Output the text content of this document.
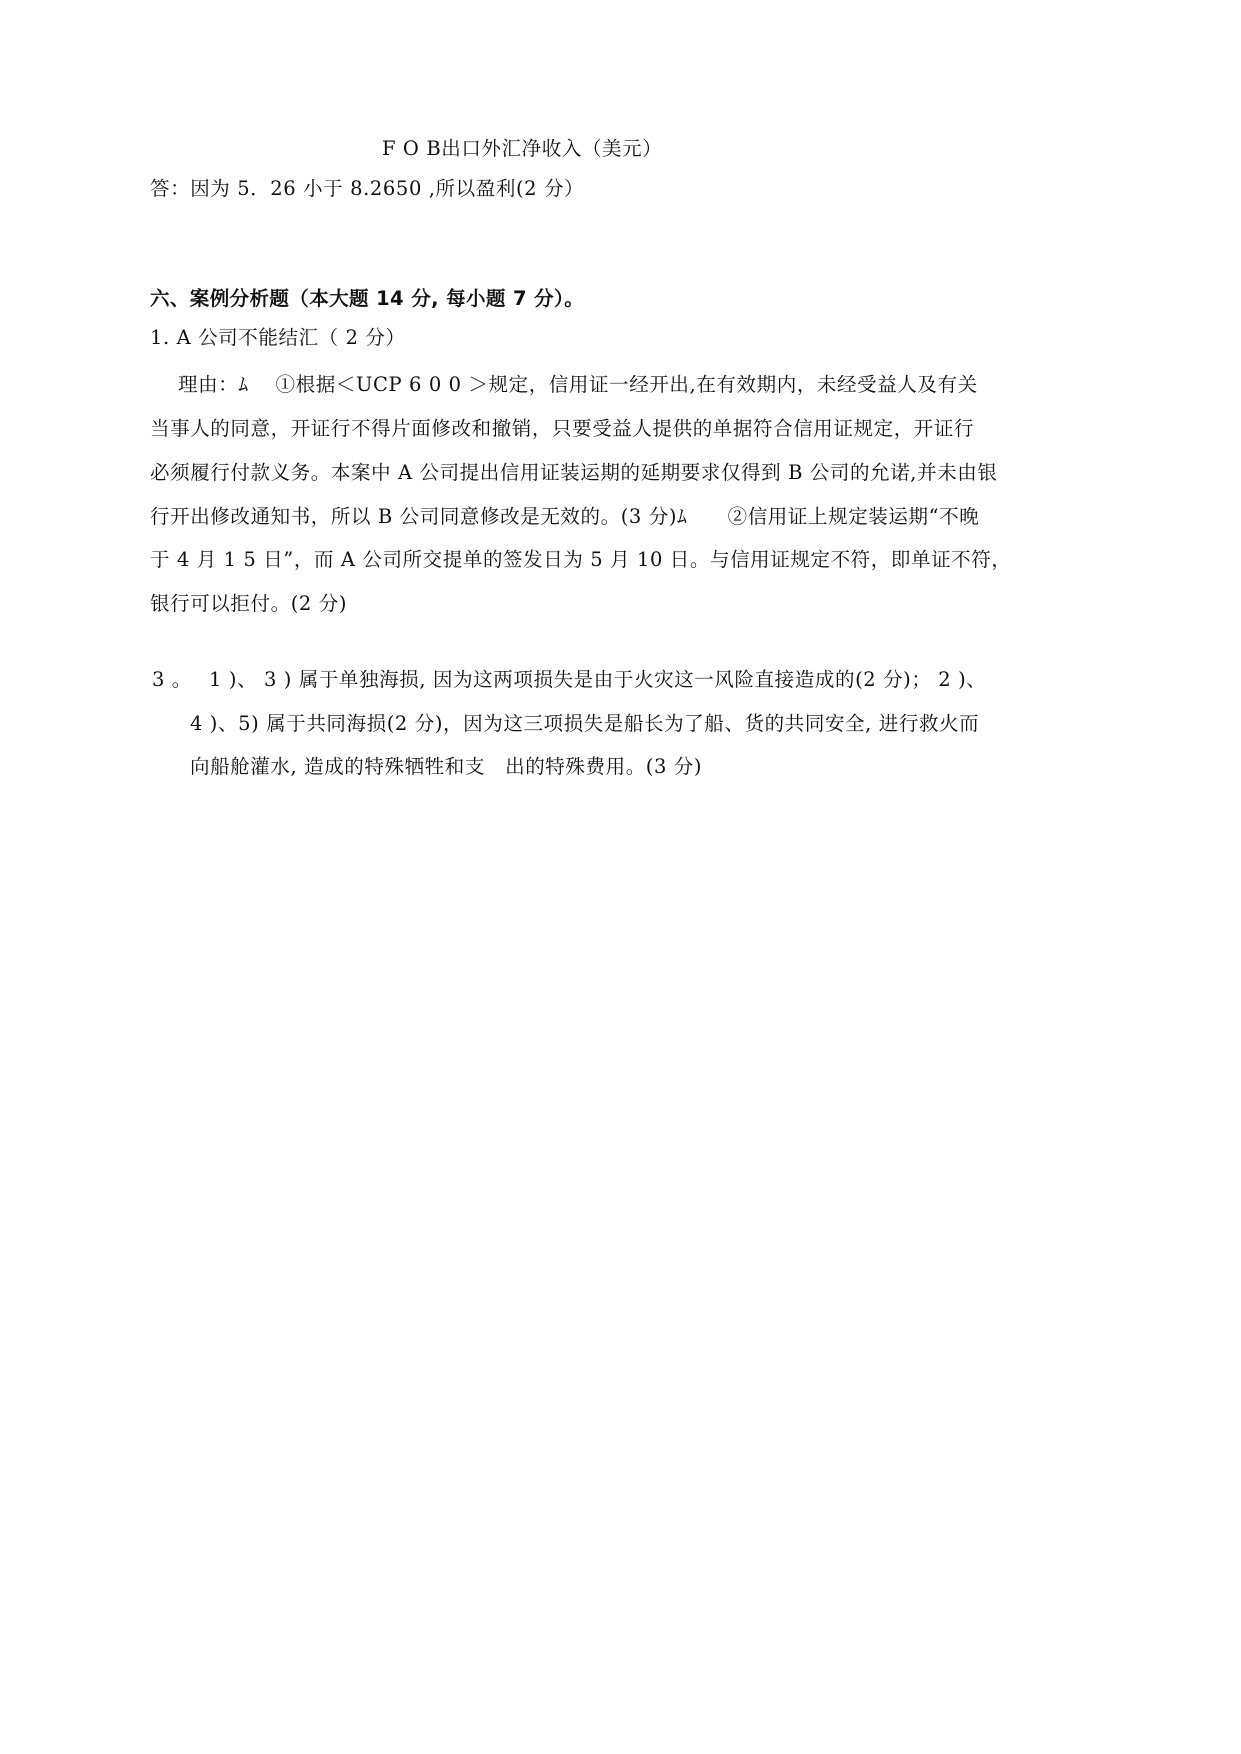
F O B出口外汇净收入（美元）
答：因为 5．26 小于 8.2650 ,所以盈利(2 分）
六、案例分析题（本大题 14 分, 每小题 7 分）。
1. A 公司不能结汇（ 2 分）
理由：ﾑ　 ①根据＜UCP 6 0 0 ＞规定，信用证一经开出,在有效期内，未经受益人及有关
当事人的同意，开证行不得片面修改和撤销，只要受益人提供的单据符合信用证规定，开证行
必须履行付款义务。本案中 A 公司提出信用证装运期的延期要求仅得到 B 公司的允诺,并未由银
行开出修改通知书，所以 B 公司同意修改是无效的。(3 分)ﾑ　　②信用证上规定装运期“不晚
于 4 月 1 5 日”，而 A 公司所交提单的签发日为 5 月 10 日。与信用证规定不符，即单证不符，
银行可以拒付。(2 分)
3 。　 1 )、 3 ) 属于单独海损, 因为这两项损失是由于火灾这一风险直接造成的(2 分)； 2 )、
4 )、5) 属于共同海损(2 分)，因为这三项损失是船长为了船、货的共同安全, 进行救火而
向船舱灌水, 造成的特殊牺牲和支　出的特殊费用。(3 分)
